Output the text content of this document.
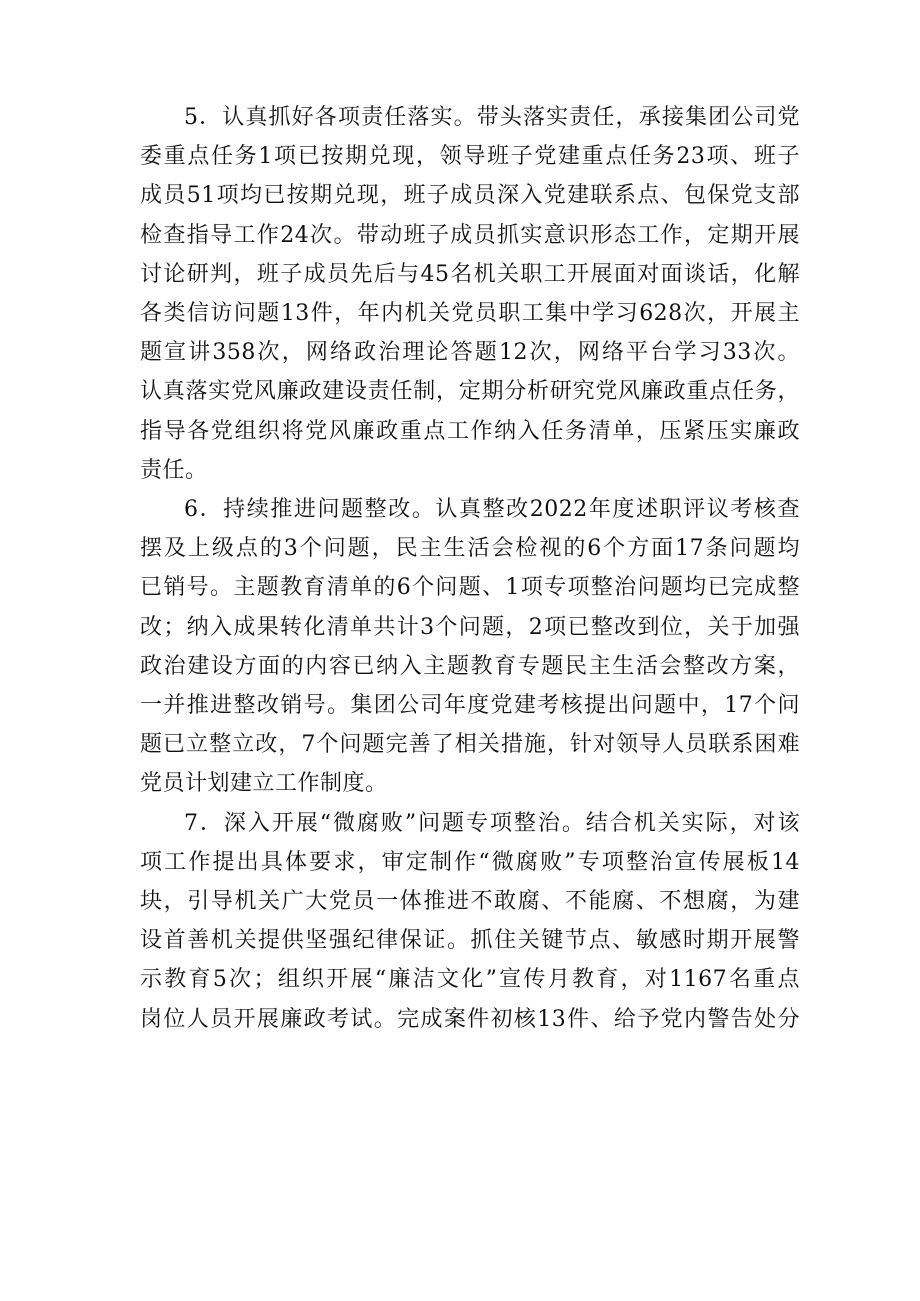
5．认真抓好各项责任落实。带头落实责任，承接集团公司党
委重点任务1项已按期兑现，领导班子党建重点任务23项、班子
成员51项均已按期兑现，班子成员深入党建联系点、包保党支部
检查指导工作24次。带动班子成员抓实意识形态工作，定期开展
讨论研判，班子成员先后与45名机关职工开展面对面谈话，化解
各类信访问题13件，年内机关党员职工集中学习628次，开展主
题宣讲358次，网络政治理论答题12次，网络平台学习33次。
认真落实党风廉政建设责任制，定期分析研究党风廉政重点任务，
指导各党组织将党风廉政重点工作纳入任务清单，压紧压实廉政
责任。

6．持续推进问题整改。认真整改2022年度述职评议考核查
摆及上级点的3个问题，民主生活会检视的6个方面17条问题均
已销号。主题教育清单的6个问题、1项专项整治问题均已完成整
改；纳入成果转化清单共计3个问题，2项已整改到位，关于加强
政治建设方面的内容已纳入主题教育专题民主生活会整改方案，
一并推进整改销号。集团公司年度党建考核提出问题中，17个问
题已立整立改，7个问题完善了相关措施，针对领导人员联系困难
党员计划建立工作制度。

7．深入开展“微腐败”问题专项整治。结合机关实际，对该
项工作提出具体要求，审定制作“微腐败”专项整治宣传展板14
块，引导机关广大党员一体推进不敢腐、不能腐、不想腐，为建
设首善机关提供坚强纪律保证。抓住关键节点、敏感时期开展警
示教育5次；组织开展“廉洁文化”宣传月教育，对1167名重点
岗位人员开展廉政考试。完成案件初核13件、给予党内警告处分
